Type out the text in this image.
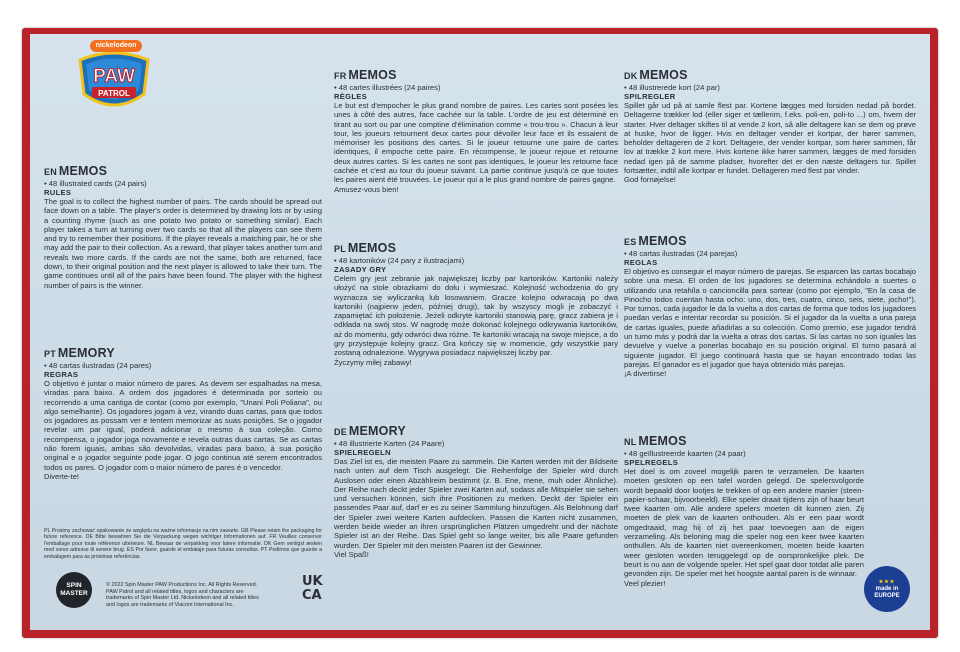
nickelodeon
PAW
PATROL
EN MEMOS
• 48 illustrated cards (24 pairs)
RULES
The goal is to collect the highest number of pairs. The cards should be spread out face down on a table. The player's order is determined by drawing lots or by using a counting rhyme (such as one potato two potato or something similar). Each player takes a turn at turning over two cards so that all the players can see them and try to remember their positions. If the player reveals a matching pair, he or she may add the pair to their collection. As a reward, that player takes another turn and reveals two more cards. If the cards are not the same, both are returned, face down, to their original position and the next player is allowed to take their turn. The game continues until all of the pairs have been found. The player with the highest number of pairs is the winner.
PT MEMORY
• 48 cartas ilustradas (24 pares)
REGRAS
O objetivo é juntar o maior número de pares. As devem ser espalhadas na mesa, viradas para baixo. A ordem dos jogadores é determinada por sorteio ou recorrendo a uma cantiga de contar (como por exemplo, "Unani Poli Poliana", ou algo semelhante). Os jogadores jogam à vez, virando duas cartas, para que todos os jogadores as possam ver e tentem memorizar as suas posições. Se o jogador revelar um par igual, poderá adicionar o mesmo à sua coleção. Como recompensa, o jogador joga novamente e revela outras duas cartas. Se as cartas não forem iguais, ambas são devolvidas, viradas para baixo, à sua posição original e o jogador seguinte pode jogar. O jogo continua até serem encontrados todos os pares. O jogador com o maior número de pares é o vencedor.
Diverte-te!
PL Prosimy zachować opakowanie ze względu na ważne informacje na nim zawarte. GB Please retain the packaging for future reference. DE Bitte bewahren Sie die Verpackung wegen wichtiger Informationen auf. FR Veuillez conserver l'emballage pour toute référence ultérieure. NL Bewaar de verpakking voor latere informatie. DK Gem venligst æsken med vores adresse til senere brug. ES Por favor, guarde el embalaje para futuras consultas. PT Pedimos que guarde a embalagem para as próximas referências.
SPIN
MASTER
© 2022 Spin Master PAW Productions Inc. All Rights Reserved. PAW Patrol and all related titles, logos and characters are trademarks of Spin Master Ltd. Nickelodeon and all related titles and logos are trademarks of Viacom International Inc.
UK
CA
FR MEMOS
• 48 cartes illustrées (24 paires)
RÈGLES
Le but est d'empocher le plus grand nombre de paires. Les cartes sont posées les unes à côté des autres, face cachée sur la table. L'ordre de jeu est déterminé en tirant au sort ou par une comptine d'élimination comme « trou-trou ». Chacun à leur tour, les joueurs retournent deux cartes pour dévoiler leur face et ils essaient de mémoriser les positions des cartes. Si le joueur retourne une paire de cartes identiques, il empoche cette paire. En récompense, le joueur rejoue et retourne deux autres cartes. Si les cartes ne sont pas identiques, le joueur les retourne face cachée et c'est au tour du joueur suivant. La partie continue jusqu'à ce que toutes les paires aient été trouvées. Le joueur qui a le plus grand nombre de paires gagne.
Amusez-vous bien!
PL MEMOS
• 48 kartoników (24 pary z ilustracjami)
ZASADY GRY
Celem gry jest zebranie jak największej liczby par kartoników. Kartoniki należy ułożyć na stole obrazkami do dołu i wymieszać. Kolejność wchodzenia do gry wyznacza się wyliczanką lub losowaniem. Gracze kolejno odwracają po dwa kartoniki (najpierw jeden, później drugi), tak by wszyscy mogli je zobaczyć i zapamiętać ich położenie. Jeżeli odkryte kartoniki stanowią parę, gracz zabiera je i odkłada na swój stos. W nagrodę może dokonać kolejnego odkrywania kartoników, aż do momentu, gdy odwróci dwa różne. Te kartoniki wracają na swoje miejsce, a do gry przystępuje kolejny gracz. Gra kończy się w momencie, gdy wszystkie pary zostaną odnalezione. Wygrywa posiadacz największej liczby par.
Życzymy miłej zabawy!
DE MEMORY
• 48 illustrierte Karten (24 Paare)
SPIELREGELN
Das Ziel ist es, die meisten Paare zu sammeln. Die Karten werden mit der Bildseite nach unten auf dem Tisch ausgelegt. Die Reihenfolge der Spieler wird durch Auslosen oder einen Abzählreim bestimmt (z. B. Ene, mene, muh oder Ähnliche). Der Reihe nach deckt jeder Spieler zwei Karten auf, sodass alle Mitspieler sie sehen und versuchen können, sich ihre Positionen zu merken. Deckt der Spieler ein passendes Paar auf, darf er es zu seiner Sammlung hinzufügen. Als Belohnung darf der Spieler zwei weitere Karten aufdecken. Passen die Karten nicht zusammen, werden beide wieder an ihren ursprünglichen Plätzen umgedreht und der nächste Spieler ist an der Reihe. Das Spiel geht so lange weiter, bis alle Paare gefunden wurden. Der Spieler mit den meisten Paaren ist der Gewinner.
Viel Spaß!
DK MEMOS
• 48 illustrerede kort (24 par)
SPILREGLER
Spillet går ud på at samle flest par. Kortene lægges med forsiden nedad på bordet. Deltagerne trækker lod (eller siger et tællerim, f.eks. poli-en, poli-to ...) om, hvem der starter. Hver deltager skiftes til at vende 2 kort, så alle deltagere kan se dem og prøve at huske, hvor de ligger. Hvis en deltager vender et kortpar, der hører sammen, beholder deltageren de 2 kort. Deltagere, der vender kortpar, som hører sammen, får lov at trække 2 kort mere. Hvis kortene ikke hører sammen, lægges de med forsiden nedad igen på de samme pladser, hvorefter det er den næste deltagers tur. Spillet fortsætter, indtil alle kortpar er fundet. Deltageren med flest par vinder.
God fornøjelse!
ES MEMOS
• 48 cartas ilustradas (24 parejas)
REGLAS
El objetivo es conseguir el mayor número de parejas. Se esparcen las cartas bocabajo sobre una mesa. El orden de los jugadores se determina echándolo a suertes o utilizando una retahíla o cancioncilla para sortear (como por ejemplo, "En la casa de Pinocho todos cuentan hasta ocho: uno, dos, tres, cuatro, cinco, seis, siete, jocho!"). Por turnos, cada jugador le da la vuelta a dos cartas de forma que todos los jugadores puedan verlas e intentar recordar su posición. Si el jugador da la vuelta a una pareja de cartas iguales, puede añadirlas a su colección. Como premio, ese jugador tendrá un turno más y podrá dar la vuelta a otras dos cartas. Si las cartas no son iguales las devuelve y vuelve a ponerlas bocabajo en su posición original. El turno pasará al siguiente jugador. El juego continuará hasta que se hayan encontrado todas las parejas. El ganador es el jugador que haya obtenido más parejas.
¡A divertirse!
NL MEMOS
• 48 geïllustreerde kaarten (24 paar)
SPELREGELS
Het doel is om zoveel mogelijk paren te verzamelen. De kaarten moeten gesloten op een tafel worden gelegd. De spelersvolgorde wordt bepaald door lootjes te trekken of op een andere manier (steen-papier-schaar, bijvoorbeeld). Elke speler draait tijdens zijn of haar beurt twee kaarten om. Alle andere spelers moeten dit kunnen zien. Zij moeten de plek van de kaarten onthouden. Als er een paar wordt omgedraaid, mag hij of zij het paar toevoegen aan de eigen verzameling. Als beloning mag die speler nog een keer twee kaarten onthullen. Als de kaarten niet overeenkomen, moeten beide kaarten weer gesloten worden teruggelegd op de oorspronkelijke plek. De beurt is nu aan de volgende speler. Het spel gaat door totdat alle paren gevonden zijn. De speler met het hoogste aantal paren is de winnaar.
Veel plezier!	★★★
made in
EUROPE
